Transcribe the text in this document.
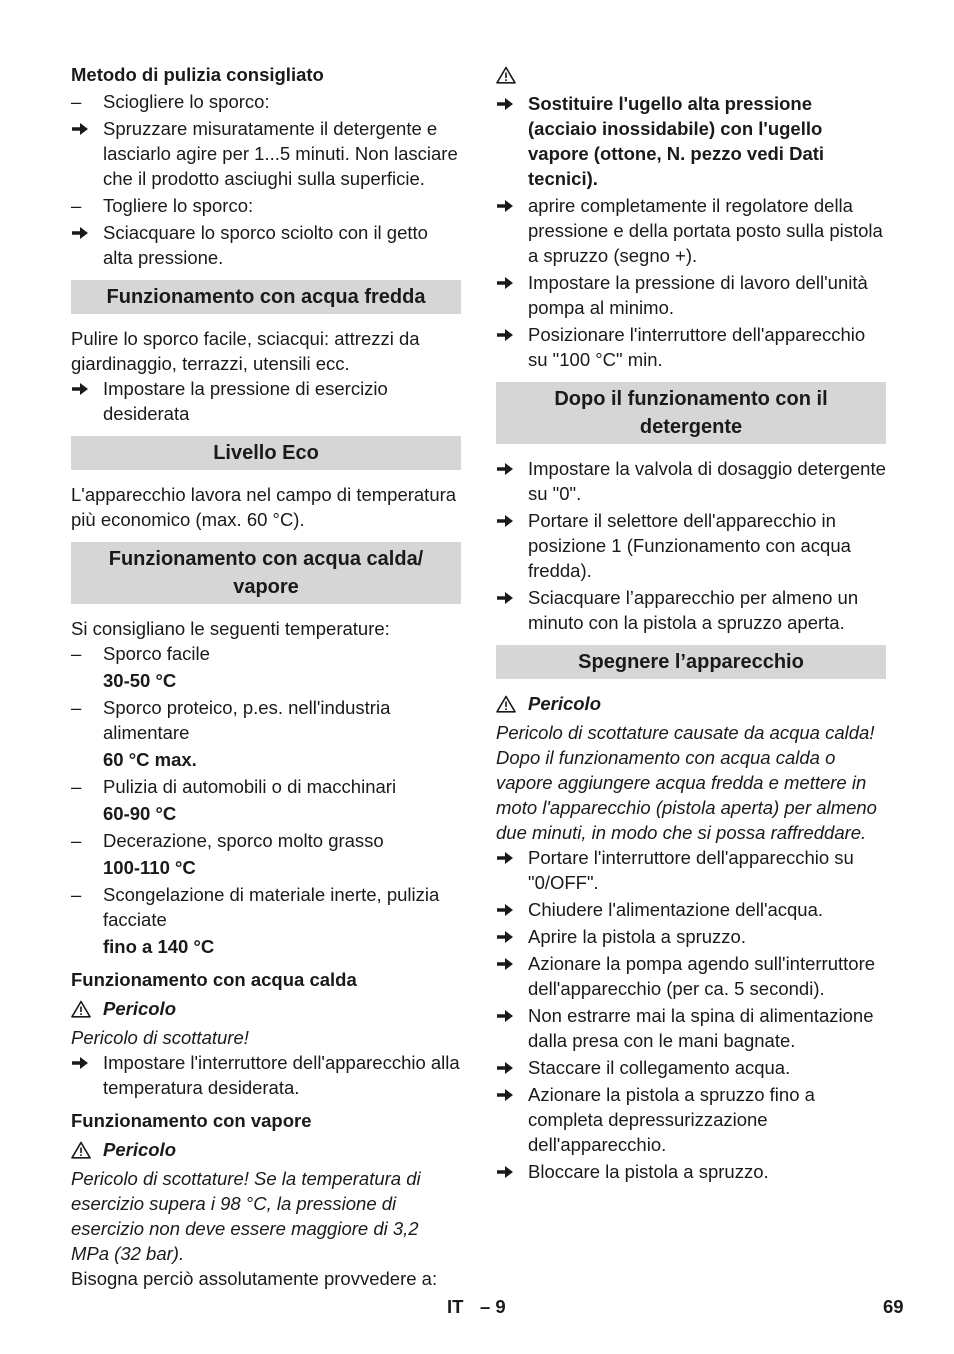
Metodo di pulizia consigliato

–	Sciogliere lo sporco:
Spruzzare misuratamente il detergente e lasciarlo agire per 1...5 minuti. Non lasciare che il prodotto asciughi sulla superficie.
–	Togliere lo sporco:
Sciacquare lo sporco sciolto con il getto alta pressione.
Funzionamento con acqua fredda

Pulire lo sporco facile, sciacqui: attrezzi da giardinaggio, terrazzi, utensili ecc.

Impostare la pressione di esercizio desiderata
Livello Eco

L'apparecchio lavora nel campo di temperatura più economico (max. 60 °C).

Funzionamento con acqua calda/ vapore

Si consigliano le seguenti temperature:

–	Sporco facile
30-50 °C
–	Sporco proteico, p.es. nell'industria alimentare
60 °C max.
–	Pulizia di automobili o di macchinari
60-90 °C
–	Decerazione, sporco molto grasso
100-110 °C
–	Scongelazione di materiale inerte, pulizia facciate
fino a 140 °C

Funzionamento con acqua calda

Pericolo

Pericolo di scottature!

Impostare l'interruttore dell'apparecchio alla temperatura desiderata.

Funzionamento con vapore

Pericolo

Pericolo di scottature! Se la temperatura di esercizio supera i 98 °C, la pressione di esercizio non deve essere maggiore di 3,2 MPa (32 bar).

Bisogna perciò assolutamente provvedere a:

Sostituire l'ugello alta pressione (acciaio inossidabile) con l'ugello vapore (ottone, N. pezzo vedi Dati tecnici).
aprire completamente il regolatore della pressione e della portata posto sulla pistola a spruzzo (segno +).
Impostare la pressione di lavoro dell'unità pompa al minimo.
Posizionare l'interruttore dell'apparecchio su "100 °C" min.
Dopo il funzionamento con il detergente
Impostare la valvola di dosaggio detergente su "0".
Portare il selettore dell'apparecchio in posizione 1 (Funzionamento con acqua fredda).
Sciacquare l’apparecchio per almeno un minuto con la pistola a spruzzo aperta.
Spegnere l’apparecchio
Pericolo

Pericolo di scottature causate da acqua calda! Dopo il funzionamento con acqua calda o vapore aggiungere acqua fredda e mettere in moto l'apparecchio (pistola aperta) per almeno due minuti, in modo che si possa raffreddare.

Portare l'interruttore dell'apparecchio su "0/OFF".
Chiudere l'alimentazione dell'acqua.
Aprire la pistola a spruzzo.
Azionare la pompa agendo sull'interruttore dell'apparecchio (per ca. 5 secondi).
Non estrarre mai la spina di alimentazione dalla presa con le mani bagnate.
Staccare il collegamento acqua.
Azionare la pistola a spruzzo fino a completa depressurizzazione dell'apparecchio.
Bloccare la pistola a spruzzo.
IT – 9	69
